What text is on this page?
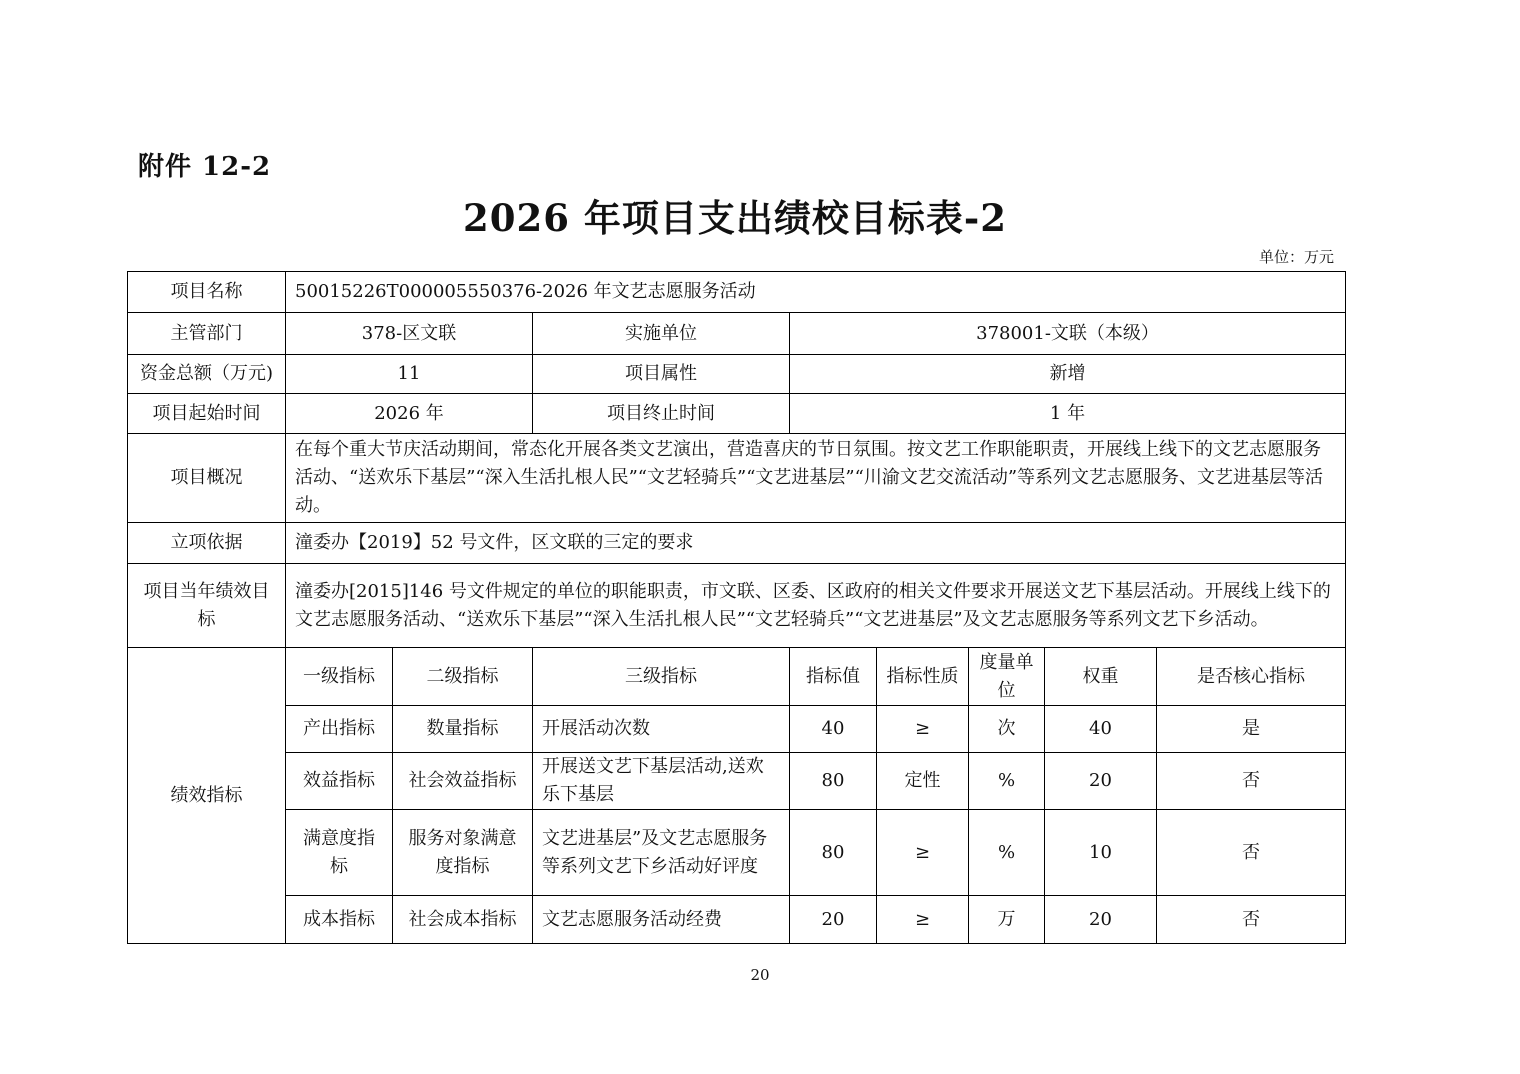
附件 12-2
2026 年项目支出绩校目标表-2
单位：万元
项目名称	50015226T000005550376-2026 年文艺志愿服务活动							
主管部门	378-区文联		实施单位	378001-文联（本级）				
资金总额（万元)	11		项目属性	新增				
项目起始时间	2026 年		项目终止时间	1 年				
项目概况	在每个重大节庆活动期间，常态化开展各类文艺演出，营造喜庆的节日氛围。按文艺工作职能职责，开展线上线下的文艺志愿服务活动、“送欢乐下基层”“深入生活扎根人民”“文艺轻骑兵”“文艺进基层”“川渝文艺交流活动”等系列文艺志愿服务、文艺进基层等活动。							
立项依据	潼委办【2019】52 号文件，区文联的三定的要求							
项目当年绩效目标	潼委办[2015]146 号文件规定的单位的职能职责，市文联、区委、区政府的相关文件要求开展送文艺下基层活动。开展线上线下的文艺志愿服务活动、“送欢乐下基层”“深入生活扎根人民”“文艺轻骑兵”“文艺进基层”及文艺志愿服务等系列文艺下乡活动。							
绩效指标	一级指标	二级指标	三级指标	指标值	指标性质	度量单位	权重	是否核心指标
	产出指标	数量指标	开展活动次数	40	≥	次	40	是
	效益指标	社会效益指标	开展送文艺下基层活动,送欢乐下基层	80	定性	%	20	否
	满意度指标	服务对象满意度指标	文艺进基层”及文艺志愿服务等系列文艺下乡活动好评度	80	≥	%	10	否
	成本指标	社会成本指标	文艺志愿服务活动经费	20	≥	万	20	否
20
